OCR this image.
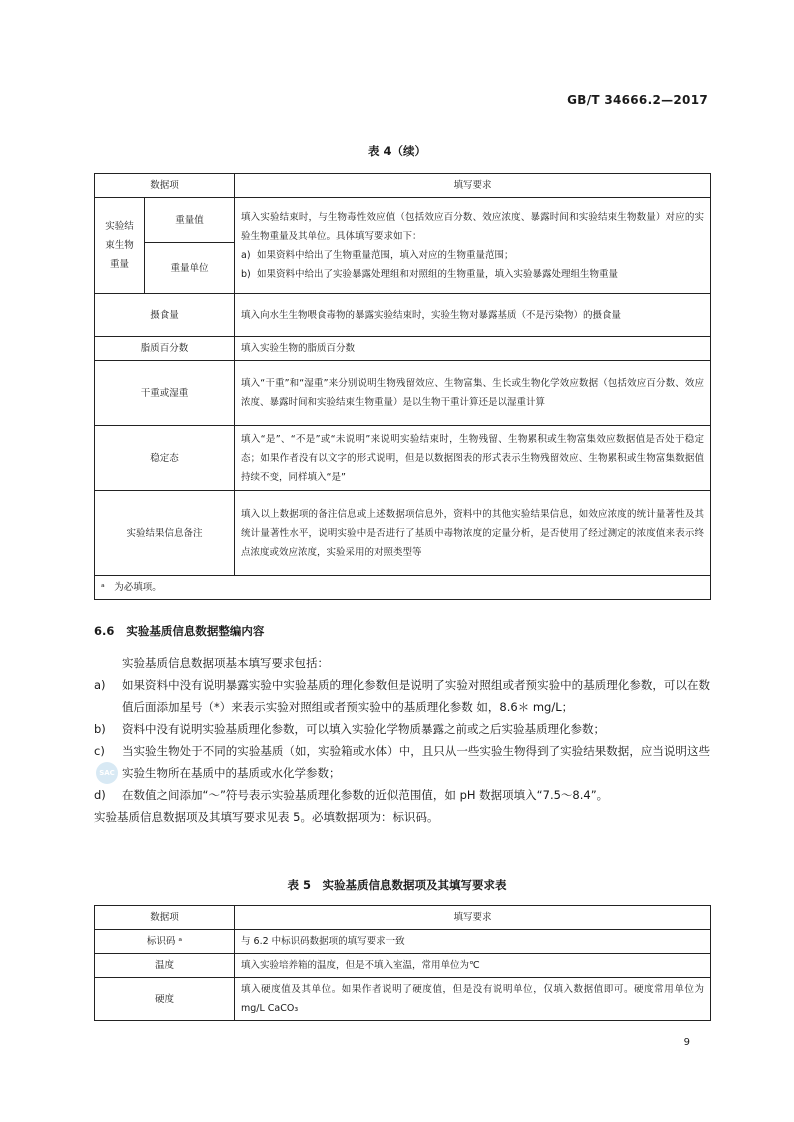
GB/T 34666.2—2017
表 4（续）
数据项		填写要求
实验结束生物重量	重量值	填入实验结束时，与生物毒性效应值（包括效应百分数、效应浓度、暴露时间和实验结束生物数量）对应的实验生物重量及其单位。具体填写要求如下：
a) 如果资料中给出了生物重量范围，填入对应的生物重量范围；
b) 如果资料中给出了实验暴露处理组和对照组的生物重量，填入实验暴露处理组生物重量

	重量单位	
摄食量		填入向水生生物喂食毒物的暴露实验结束时，实验生物对暴露基质（不是污染物）的摄食量
脂质百分数		填入实验生物的脂质百分数
干重或湿重		填入“干重”和“湿重”来分别说明生物残留效应、生物富集、生长或生物化学效应数据（包括效应百分数、效应浓度、暴露时间和实验结束生物重量）是以生物干重计算还是以湿重计算
稳定态		填入“是”、“不是”或“未说明”来说明实验结束时，生物残留、生物累积或生物富集效应数据值是否处于稳定态；如果作者没有以文字的形式说明，但是以数据图表的形式表示生物残留效应、生物累积或生物富集数据值持续不变，同样填入“是”
实验结果信息备注		填入以上数据项的备注信息或上述数据项信息外，资料中的其他实验结果信息，如效应浓度的统计量著性及其统计量著性水平，说明实验中是否进行了基质中毒物浓度的定量分析，是否使用了经过测定的浓度值来表示终点浓度或效应浓度，实验采用的对照类型等
ᵃ　为必填项。		
6.6 实验基质信息数据整编内容
实验基质信息数据项基本填写要求包括：
a)	如果资料中没有说明暴露实验中实验基质的理化参数但是说明了实验对照组或者预实验中的基质理化参数，可以在数值后面添加星号（*）来表示实验对照组或者预实验中的基质理化参数 如，8.6＊ mg/L；
b)	资料中没有说明实验基质理化参数，可以填入实验化学物质暴露之前或之后实验基质理化参数；
c)	当实验生物处于不同的实验基质（如，实验箱或水体）中，且只从一些实验生物得到了实验结果数据，应当说明这些实验生物所在基质中的基质或水化学参数；
d)	在数值之间添加“～”符号表示实验基质理化参数的近似范围值，如 pH 数据项填入“7.5～8.4”。
实验基质信息数据项及其填写要求见表 5。必填数据项为：标识码。
SAC
表 5　实验基质信息数据项及其填写要求表
数据项	填写要求
标识码 ᵃ	与 6.2 中标识码数据项的填写要求一致
温度	填入实验培养箱的温度，但是不填入室温，常用单位为℃
硬度	填入硬度值及其单位。如果作者说明了硬度值，但是没有说明单位，仅填入数据值即可。硬度常用单位为 mg/L CaCO₃
9
